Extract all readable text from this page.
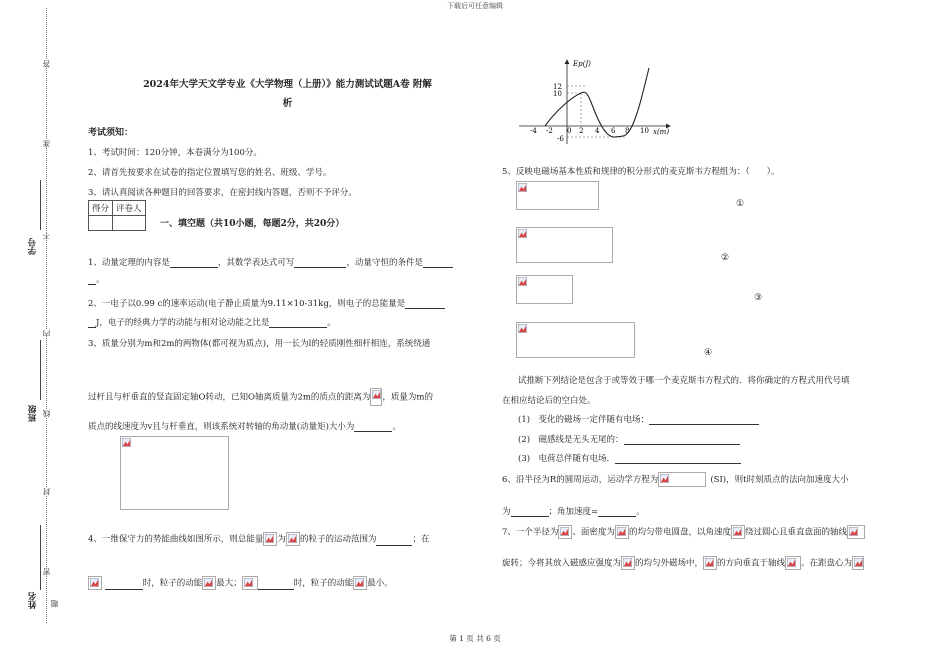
下载后可任意编辑
答
准
不
内
线
封
密
学号
班级
姓名 题
2024年大学天文学专业《大学物理（上册）》能力测试试题A卷 附解
析
考试须知：
1、考试时间：120分钟，本卷满分为100分。
2、请首先按要求在试卷的指定位置填写您的姓名、班级、学号。
3、请认真阅读各种题目的回答要求，在密封线内答题，否则不予评分。
得分	评卷人

一、填空题（共10小题，每题2分，共20分）
1、动量定理的内容是	，其数学表达式可写	，动量守恒的条件是
。
2、一电子以0.99 c的速率运动(电子静止质量为9.11×10-31kg，则电子的总能量是
J，电子的经典力学的动能与相对论动能之比是	。
3、质量分别为m和2m的两物体(都可视为质点)，用一长为l的轻质刚性细杆相连，系统绕通
过杆且与杆垂直的竖直固定轴O转动，已知O轴离质量为2m的质点的距离为 ，质量为m的
质点的线速度为v且与杆垂直，则该系统对转轴的角动量(动量矩)大小为	。
4、一维保守力的势能曲线如图所示，则总能量 为 的粒子的运动范围为	；在
时，粒子的动能 最大；	时，粒子的动能 最小。
Ep(J)
x(m)
12
10
0
-6
-4 -2	2 4 6 8 10
5、反映电磁场基本性质和规律的积分形式的麦克斯韦方程组为：（　　）。
①
②
③
④
试推断下列结论是包含于或等效于哪一个麦克斯韦方程式的．将你确定的方程式用代号填
在相应结论后的空白处。
(1)　变化的磁场一定伴随有电场：
(2)　磁感线是无头无尾的：
(3)　电荷总伴随有电场．
6、沿半径为R的圆周运动，运动学方程为	(SI)，则t时刻质点的法向加速度大小
为	；角加速度=	。
7、一个半径为 、面密度为 的均匀带电圆盘，以角速度 绕过圆心且垂直盘面的轴线
旋转；今将其放入磁感应强度为 的均匀外磁场中， 的方向垂直于轴线 。在距盘心为
第 1 页 共 6 页
